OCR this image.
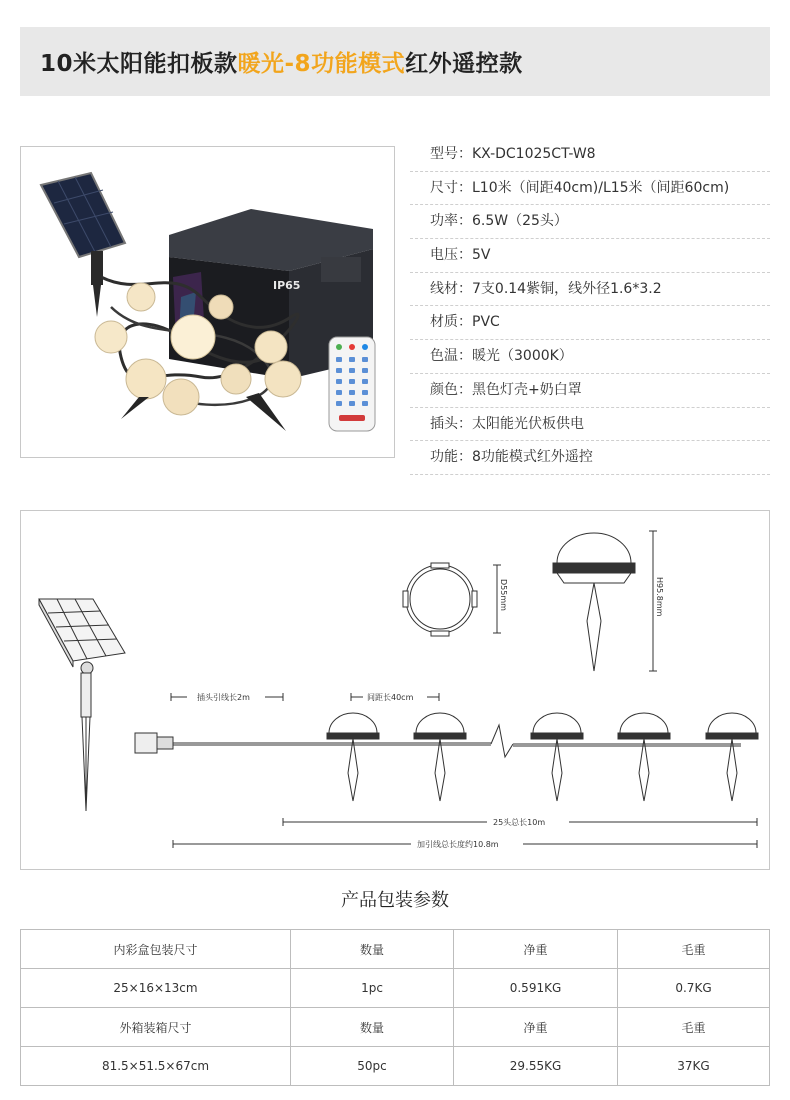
10米太阳能扣板款暖光-8功能模式红外遥控款
IP65
型号：KX-DC1025CT-W8
尺寸：L10米（间距40cm)/L15米（间距60cm)
功率：6.5W（25头）
电压：5V
线材：7支0.14紫铜，线外径1.6*3.2
材质：PVC
色温：暖光（3000K）
颜色：黑色灯壳+奶白罩
插头：太阳能光伏板供电
功能：8功能模式红外遥控
D55mm	H95.8mm
插头引线长2m	间距长40cm
25头总长10m
加引线总长度约10.8m
产品包装参数
内彩盒包装尺寸	数量	净重	毛重
25×16×13cm	1pc	0.591KG	0.7KG
外箱装箱尺寸	数量	净重	毛重
81.5×51.5×67cm	50pc	29.55KG	37KG
